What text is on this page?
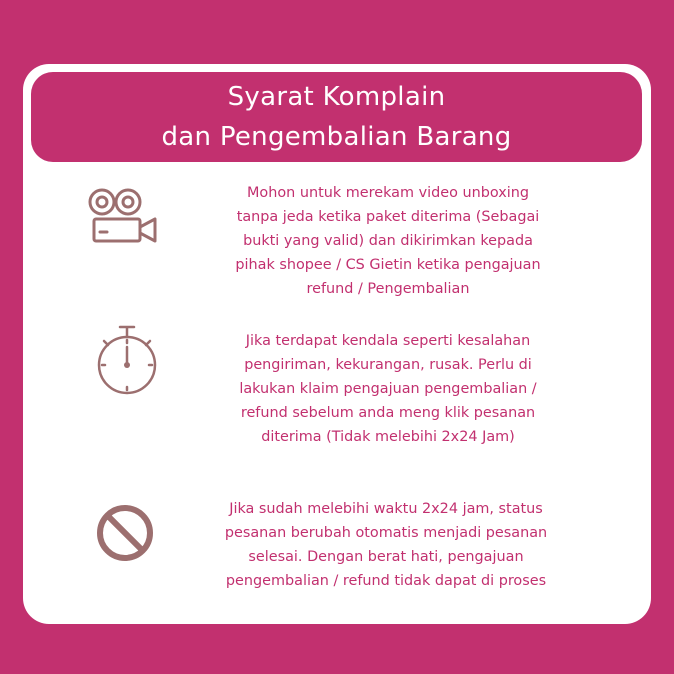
Syarat Komplain
dan Pengembalian Barang
Mohon untuk merekam video unboxing
tanpa jeda ketika paket diterima (Sebagai
bukti yang valid) dan dikirimkan kepada
pihak shopee / CS Gietin ketika pengajuan
refund / Pengembalian
Jika terdapat kendala seperti kesalahan
pengiriman, kekurangan, rusak. Perlu di
lakukan klaim pengajuan pengembalian /
refund sebelum anda meng klik pesanan
diterima (Tidak melebihi 2x24 Jam)
Jika sudah melebihi waktu 2x24 jam, status
pesanan berubah otomatis menjadi pesanan
selesai. Dengan berat hati, pengajuan
pengembalian / refund tidak dapat di proses
